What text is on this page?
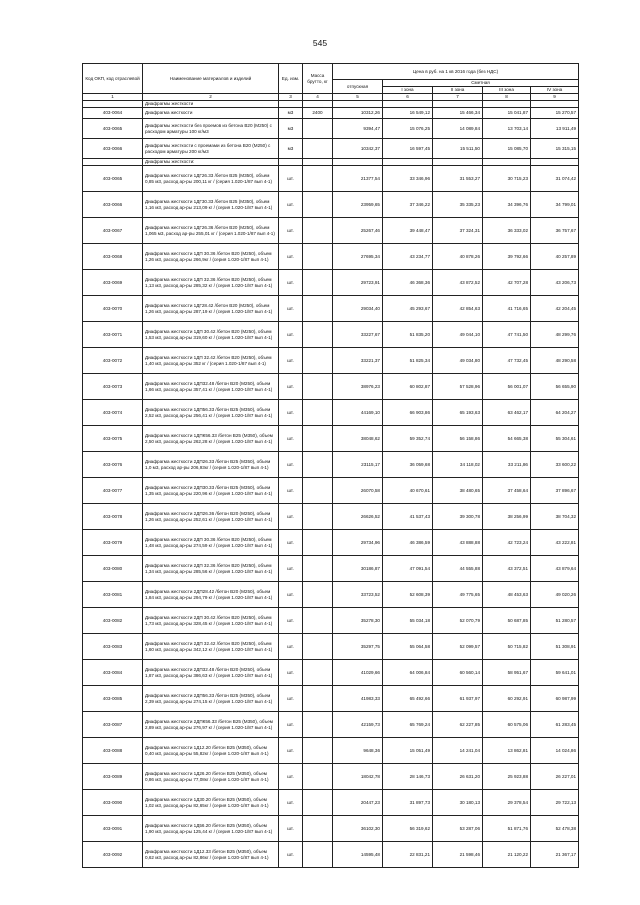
545
Код ОКП, код отраслевой	Наименование материалов и изделий	Ед. изм.	Масса брутто, кг	Цена в руб. на 1 кв 2016 года (без НДС)				
				отпускная	Сметная			
					I зона	II зона	III зона	IV зона
1	2	3	4	5	6	7	8	9
	Диафрагмы жесткости							
403-0064	Диафрагма жесткости	м3	2400	10312,26	16 549,12	15 466,34	15 041,87	15 270,57
403-0065	Диафрагмы жесткости без проемов из бетона В20 (М250) с расходом арматуры 100 кг/м3	м3		9394,47	15 076,25	14 089,84	13 703,14	13 911,49
403-0066	Диафрагмы жесткости с проемами из бетона В20 (М250) с расходом арматуры 200 кг/м3	м3		10342,37	16 597,45	15 511,50	15 085,70	15 315,15
	Диафрагмы жесткости:							
403-0065	Диафрагма жесткости 1ДГ26.33 /бетон В25 (М350), объем 0,85 м3, расход ар-ры 200,11 кг / (серия 1.020-1/87 вып 4-1)	шт.		21377,54	33 346,96	31 553,27	30 715,23	31 074,42
403-0066	Диафрагма жесткости 1ДГ30.33 /бетон В25 (М350), объем 1,16 м3, расход ар-ры 213,09 кг / (серия 1.020-1/87 вып 4-1)	шт.		23959,65	37 346,22	35 335,23	34 396,76	34 799,01
403-0067	Диафрагма жесткости 1ДГ26.36 /бетон В20 (М250), объем 1,065 м3, расход ар-ры 255,01 кг / (серия 1.020-1/87 вып 4-1)	шт.		25267,46	39 448,47	37 324,31	36 333,02	36 757,67
403-0068	Диафрагма жесткости 1ДП 30.36 /бетон В20 (М250), объем 1,26 м3, расход ар-ры 266,9кг / (серия 1.020-1/87 вып 4-1)	шт.		27695,34	43 234,77	40 878,26	39 792,66	40 257,89
403-0069	Диафрагма жесткости 1ДП 32.36 /бетон В20 (М250), объем 1,13 м3, расход ар-ры 285,32 кг / (серия 1.020-1/87 вып 4-1)	шт.		29723,91	46 368,36	43 872,52	42 707,28	43 206,73
403-0070	Диафрагма жесткости 1ДГ28.42 /бетон В20 (М250), объем 1,26 м3, расход ар-ры 287,19 кг / (серия 1.020-1/87 вып 4-1)	шт.		29034,40	45 293,67	42 854,63	41 716,65	42 204,45
403-0071	Диафрагма жесткости 1ДП 30.42 /бетон В20 (М250), объем 1,53 м3, расход ар-ры 319,60 кг / (серия 1.020-1/87 вып 4-1)	шт.		33227,67	51 835,20	49 044,10	47 741,50	48 299,76
403-0072	Диафрагма жесткости 1ДП 32.42 /бетон В20 (М250), объем 1,40 м3, расход ар-ры 352 кг / (серия 1.020-1/87 вып 4-1)	шт.		33221,37	51 825,34	49 034,80	47 732,45	48 290,58
403-0073	Диафрагма жесткости 1ДП32.48 /бетон В20 (М250), объем 1,66 м3, расход ар-ры 357,41 кг / (серия 1.020-1/87 вып 4-1)	шт.		38976,23	60 802,87	57 528,96	56 001,07	56 655,90
403-0074	Диафрагма жесткости 1ДП56.33 /бетон В25 (М350), объем 2,52 м3, расход ар-ры 256,41 кг / (серия 1.020-1/87 вып 4-1)	шт.		44169,10	66 903,86	65 193,63	63 462,17	64 204,27
403-0075	Диафрагма жесткости 1ДПК56.33 /бетон В25 (М350), объем 2,50 м3, расход ар-ры 262,28 кг / (серия 1.020-1/87 вып 4-1)	шт.		38048,62	59 352,74	56 158,86	54 665,38	55 304,61
403-0076	Диафрагма жесткости 2ДП26.33 /бетон В25 (М350), объем 1,0 м3, расход ар-ры 206,93кг / (серия 1.020-1/87 вып 4-1)	шт.		23115,17	36 059,68	34 118,02	33 211,86	33 600,22
403-0077	Диафрагма жесткости 2ДП30.33 /бетон В25 (М350), объем 1,35 м3, расход ар-ры 220,96 кг / (серия 1.020-1/87 вып 4-1)	шт.		26070,58	40 670,61	38 480,65	37 458,64	37 896,67
403-0078	Диафрагма жесткости 2ДП26.36 /бетон В20 (М250), объем 1,26 м3, расход ар-ры 252,61 кг / (серия 1.020-1/87 вып 4-1)	шт.		26626,52	41 537,43	39 300,78	38 256,99	38 704,32
403-0079	Диафрагма жесткости 2ДП 30.36 /бетон В20 (М250), объем 1,48 м3, расход ар-ры 274,59 кг / (серия 1.020-1/87 вып 4-1)	шт.		29734,96	46 386,59	43 888,88	42 723,24	43 222,81
403-0080	Диафрагма жесткости 2ДП 32.36 /бетон В20 (М250), объем 1,34 м3, расход ар-ры 285,56 кг / (серия 1.020-1/87 вып 4-1)	шт.		30186,87	47 091,54	44 555,88	43 372,51	43 879,64
403-0081	Диафрагма жесткости 2ДП28.42 /бетон В20 (М250), объем 1,84 м3, расход ар-ры 294,79 кг / (серия 1.020-1/87 вып 4-1)	шт.		33723,52	52 608,39	49 775,65	48 453,63	49 020,26
403-0082	Диафрагма жесткости 2ДП 30.42 /бетон В20 (М250), объем 1,73 м3, расход ар-ры 328,45 кг / (серия 1.020-1/87 вып 4-1)	шт.		35278,30	55 034,18	52 070,79	50 687,85	51 280,57
403-0083	Диафрагма жесткости 2ДП 32.42 /бетон В20 (М250), объем 1,60 м3, расход ар-ры 342,12 кг / (серия 1.020-1/87 вып 4-1)	шт.		35297,75	55 064,58	52 099,57	50 715,82	51 308,91
403-0084	Диафрагма жесткости 2ДП32.48 /бетон В20 (М250), объем 1,87 м3, расход ар-ры 386,63 кг / (серия 1.020-1/87 вып 4-1)	шт.		41029,66	64 006,84	60 560,14	58 951,67	59 641,01
403-0085	Диафрагма жесткости 2ДП56.33 /бетон В25 (М350), объем 2,39 м3, расход ар-ры 274,15 кг / (серия 1.020-1/87 вып 4-1)	шт.		41983,33	65 492,66	61 937,97	60 292,91	60 987,99
403-0087	Диафрагма жесткости 2ДПК56.33 /бетон В25 (М350), объем 2,89 м3, расход ар-ры 276,97 кг / (серия 1.020-1/87 вып 4-1)	шт.		42159,73	65 769,24	62 227,85	60 575,06	61 283,45
403-0088	Диафрагма жесткости 1Д12.20 /бетон В25 (М350), объем 0,40 м3, расход ар-ры 55,82кг / (серия 1.020-1/87 вып 4-1)	шт.		9648,36	15 051,49	14 241,04	13 862,81	14 024,86
403-0089	Диафрагма жесткости 1Д26.20 /бетон В25 (М350), объем 0,86 м3, расход ар-ры 77,08кг / (серия 1.020-1/87 вып 4-1)	шт.		18042,78	28 146,73	26 631,20	25 923,88	26 227,01
403-0090	Диафрагма жесткости 1Д30.20 /бетон В25 (М350), объем 1,02 м3, расход ар-ры 82,65кг / (серия 1.020-1/87 вып 4-1)	шт.		20447,23	31 897,73	30 180,13	29 378,54	29 722,13
403-0091	Диафрагма жесткости 1Д56.20 /бетон В25 (М350), объем 1,90 м3, расход ар-ры 125,44 кг / (серия 1.020-1/87 вып 4-1)	шт.		36102,30	56 319,62	53 287,06	51 871,76	52 478,38
403-0092	Диафрагма жесткости 1Д12.33 /бетон В25 (М350), объем 0,62 м3, расход ар-ры 82,86кг / (серия 1.020-1/87 вып 4-1)	шт.		14595,48	22 831,21	21 598,46	21 120,22	21 367,17
